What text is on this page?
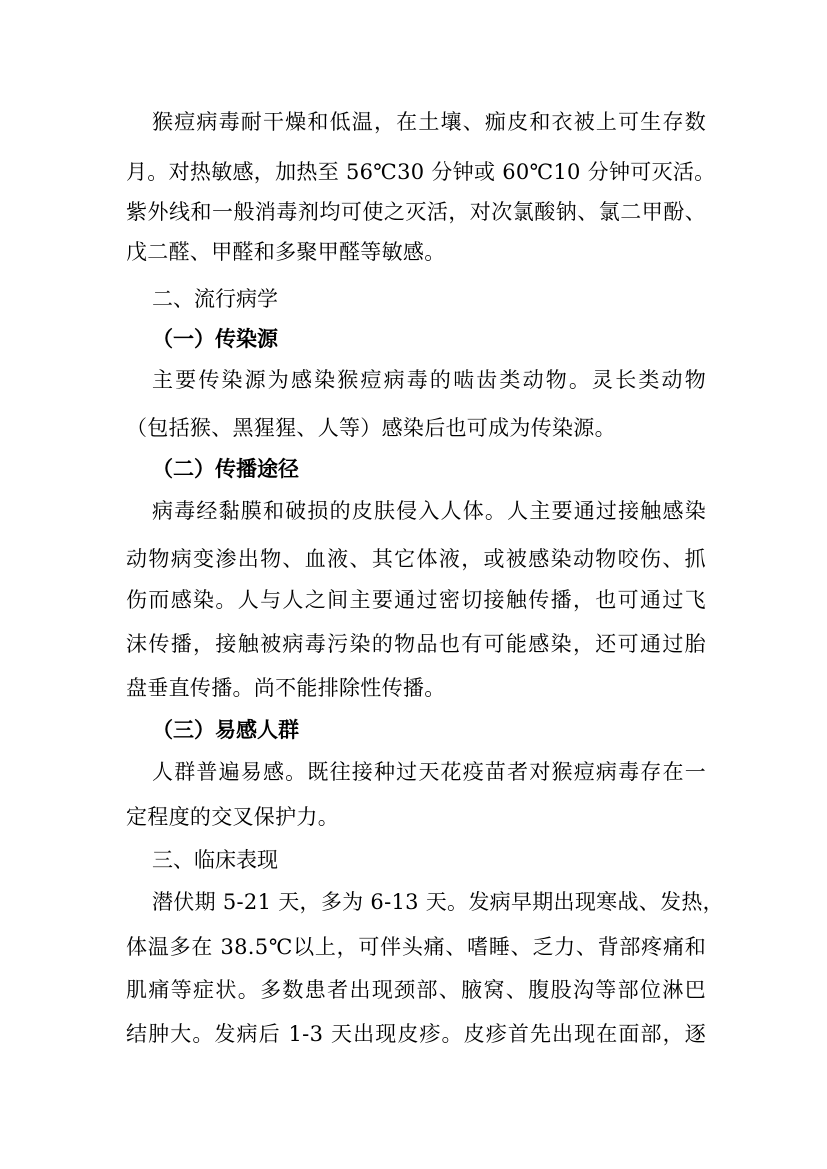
猴痘病毒耐干燥和低温，在土壤、痂皮和衣被上可生存数
月。对热敏感，加热至 56℃30 分钟或 60℃10 分钟可灭活。
紫外线和一般消毒剂均可使之灭活，对次氯酸钠、氯二甲酚、
戊二醛、甲醛和多聚甲醛等敏感。
二、流行病学
（一）传染源
主要传染源为感染猴痘病毒的啮齿类动物。灵长类动物
（包括猴、黑猩猩、人等）感染后也可成为传染源。
（二）传播途径
病毒经黏膜和破损的皮肤侵入人体。人主要通过接触感染
动物病变渗出物、血液、其它体液，或被感染动物咬伤、抓
伤而感染。人与人之间主要通过密切接触传播，也可通过飞
沫传播，接触被病毒污染的物品也有可能感染，还可通过胎
盘垂直传播。尚不能排除性传播。
（三）易感人群
人群普遍易感。既往接种过天花疫苗者对猴痘病毒存在一
定程度的交叉保护力。
三、临床表现
潜伏期 5-21 天，多为 6-13 天。发病早期出现寒战、发热，
体温多在 38.5℃以上，可伴头痛、嗜睡、乏力、背部疼痛和
肌痛等症状。多数患者出现颈部、腋窝、腹股沟等部位淋巴
结肿大。发病后 1-3 天出现皮疹。皮疹首先出现在面部，逐
